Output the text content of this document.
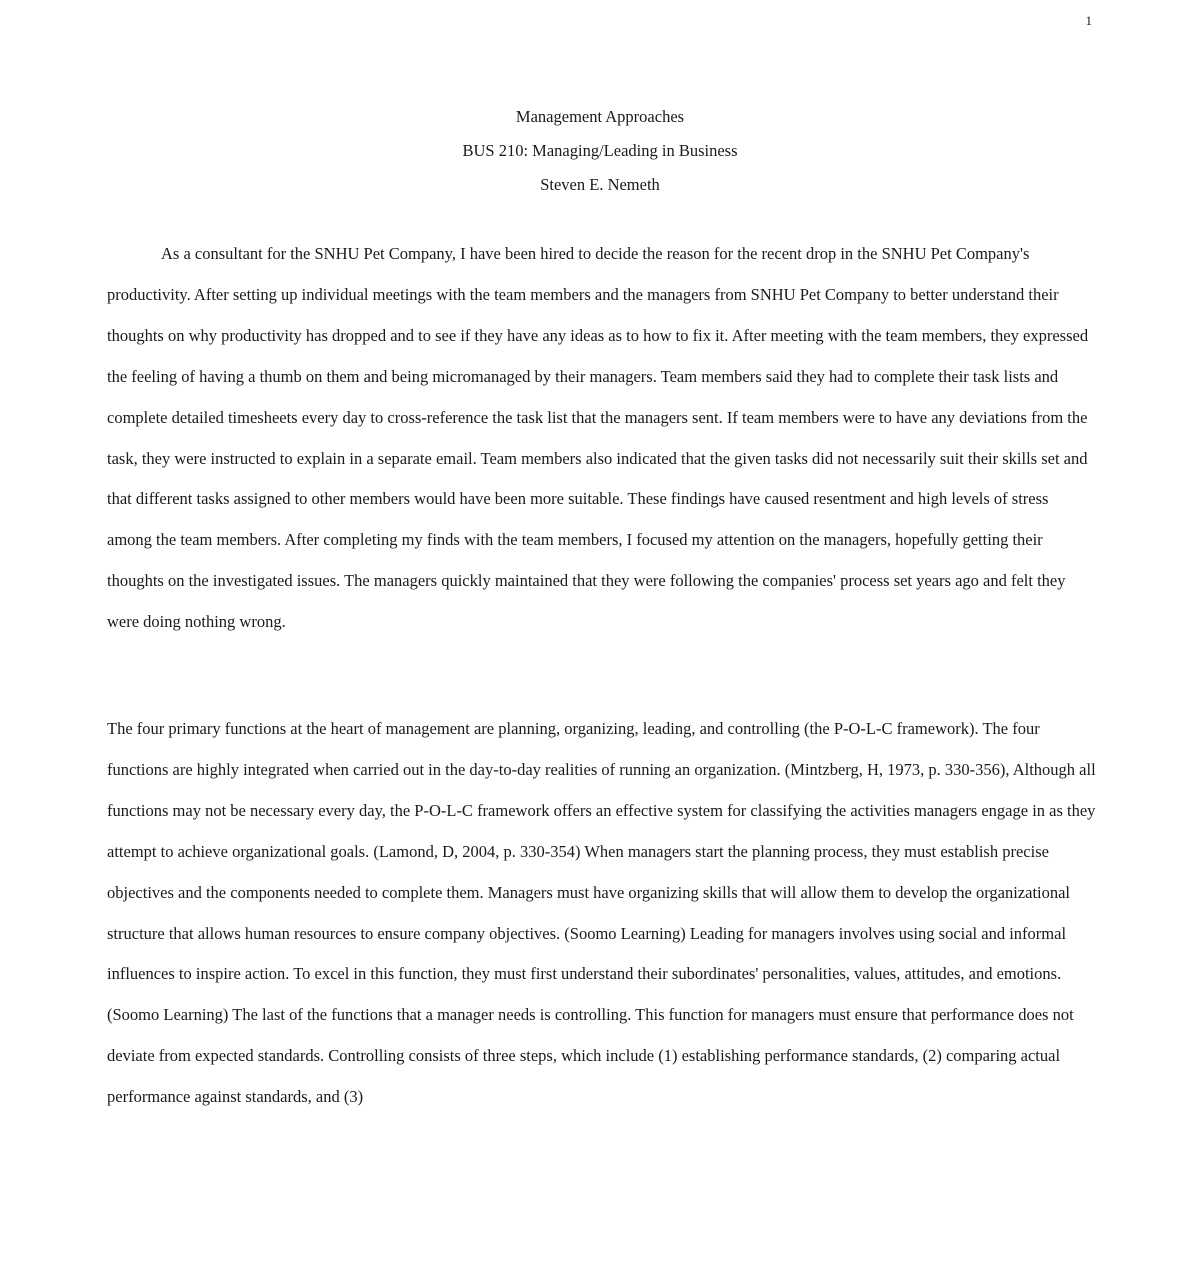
1
Management Approaches
BUS 210: Managing/Leading in Business
Steven E. Nemeth

As a consultant for the SNHU Pet Company, I have been hired to decide the reason for the recent drop in the SNHU Pet Company's productivity. After setting up individual meetings with the team members and the managers from SNHU Pet Company to better understand their thoughts on why productivity has dropped and to see if they have any ideas as to how to fix it. After meeting with the team members, they expressed the feeling of having a thumb on them and being micromanaged by their managers. Team members said they had to complete their task lists and complete detailed timesheets every day to cross-reference the task list that the managers sent. If team members were to have any deviations from the task, they were instructed to explain in a separate email. Team members also indicated that the given tasks did not necessarily suit their skills set and that different tasks assigned to other members would have been more suitable. These findings have caused resentment and high levels of stress among the team members. After completing my finds with the team members, I focused my attention on the managers, hopefully getting their thoughts on the investigated issues. The managers quickly maintained that they were following the companies' process set years ago and felt they were doing nothing wrong.

The four primary functions at the heart of management are planning, organizing, leading, and controlling (the P-O-L-C framework). The four functions are highly integrated when carried out in the day-to-day realities of running an organization. (Mintzberg, H, 1973, p. 330-356), Although all functions may not be necessary every day, the P-O-L-C framework offers an effective system for classifying the activities managers engage in as they attempt to achieve organizational goals. (Lamond, D, 2004, p. 330-354) When managers start the planning process, they must establish precise objectives and the components needed to complete them. Managers must have organizing skills that will allow them to develop the organizational structure that allows human resources to ensure company objectives. (Soomo Learning) Leading for managers involves using social and informal influences to inspire action. To excel in this function, they must first understand their subordinates' personalities, values, attitudes, and emotions. (Soomo Learning) The last of the functions that a manager needs is controlling. This function for managers must ensure that performance does not deviate from expected standards. Controlling consists of three steps, which include (1) establishing performance standards, (2) comparing actual performance against standards, and (3)
